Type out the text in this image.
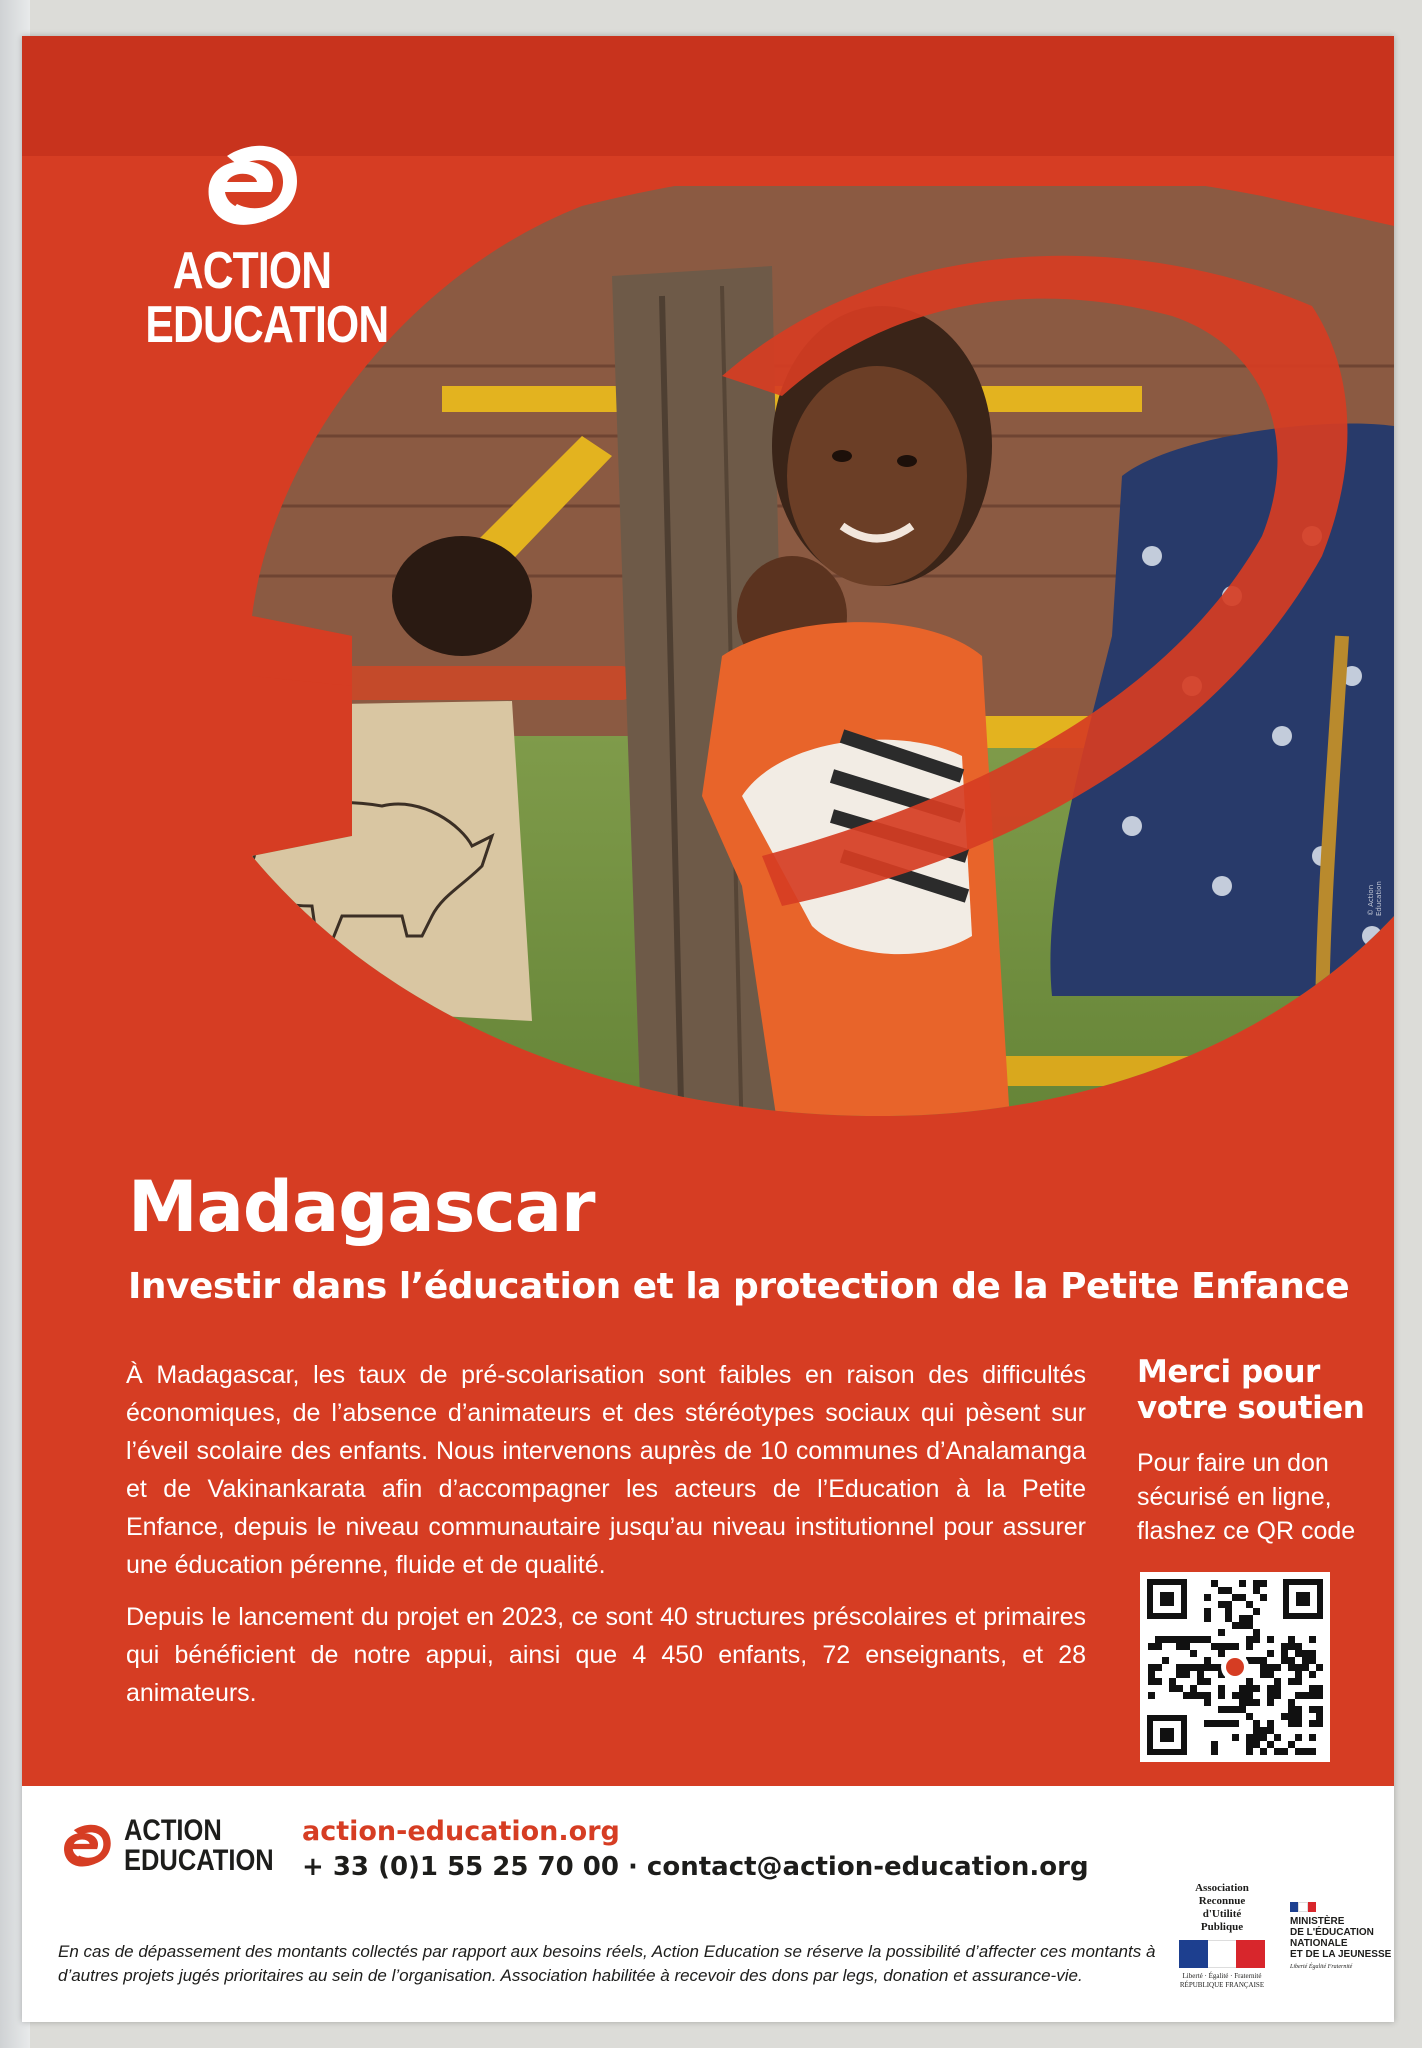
© Action Education
ACTION
EDUCATION
Madagascar
Investir dans l’éducation et la protection de la Petite Enfance

À Madagascar, les taux de pré-scolarisation sont faibles en raison des difficultés économiques, de l’absence d’animateurs et des stéréotypes sociaux qui pèsent sur l’éveil scolaire des enfants. Nous intervenons auprès de 10 communes d’Analamanga et de Vakinankarata afin d’accompagner les acteurs de l’Education à la Petite Enfance, depuis le niveau communautaire jusqu’au niveau institutionnel pour assurer une éducation pérenne, fluide et de qualité.

Depuis le lancement du projet en 2023, ce sont 40 structures préscolaires et primaires qui bénéficient de notre appui, ainsi que 4 450 enfants, 72 enseignants, et 28 animateurs.

Merci pour votre soutien
Pour faire un don sécurisé en ligne, flashez ce QR code
ACTION
EDUCATION
action-education.org
+ 33 (0)1 55 25 70 00 · contact@action-education.org
En cas de dépassement des montants collectés par rapport aux besoins réels, Action Education se réserve la possibilité d’affecter ces montants à d’autres projets jugés prioritaires au sein de l’organisation. Association habilitée à recevoir des dons par legs, donation et assurance-vie.
Association
Reconnue
d'Utilité
Publique
Liberté · Égalité · Fraternité
RÉPUBLIQUE FRANÇAISE
MINISTÈRE
DE L'ÉDUCATION
NATIONALE
ET DE LA JEUNESSE
Liberté Égalité Fraternité
